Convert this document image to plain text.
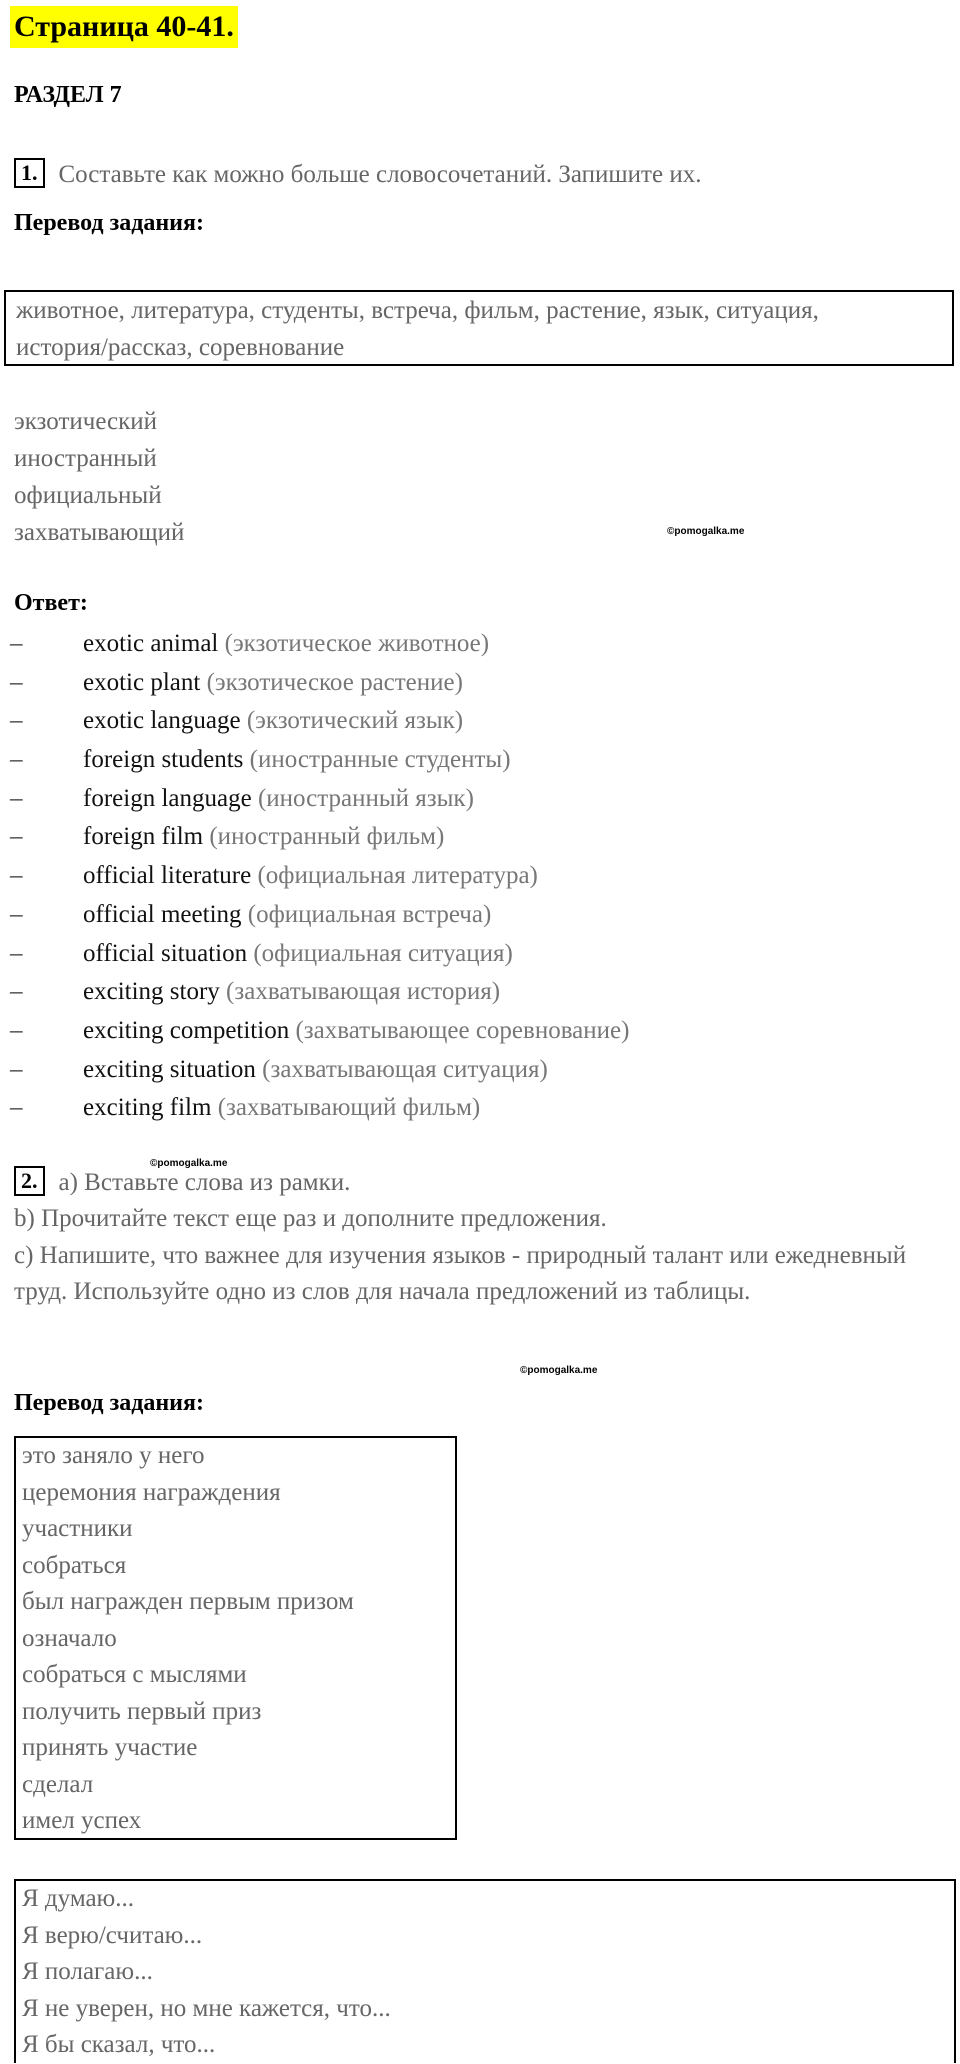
Страница 40-41.
РАЗДЕЛ 7
1. Составьте как можно больше словосочетаний. Запишите их.
Перевод задания:
животное, литература, студенты, встреча, фильм, растение, язык, ситуация,
история/рассказ, соревнование
экзотический
иностранный
официальный
захватывающий	©pomogalka.me
Ответ:
– exotic animal (экзотическое животное)
– exotic plant (экзотическое растение)
– exotic language (экзотический язык)
– foreign students (иностранные студенты)
– foreign language (иностранный язык)
– foreign film (иностранный фильм)
– official literature (официальная литература)
– official meeting (официальная встреча)
– official situation (официальная ситуация)
– exciting story (захватывающая история)
– exciting competition (захватывающее соревнование)
– exciting situation (захватывающая ситуация)
– exciting film (захватывающий фильм)
©pomogalka.me
2. a) Вставьте слова из рамки.

b) Прочитайте текст еще раз и дополните предложения.

c) Напишите, что важнее для изучения языков - природный талант или ежедневный труд. Используйте одно из слов для начала предложений из таблицы.

©pomogalka.me
Перевод задания:
это заняло у него
церемония награждения
участники
собраться
был награжден первым призом
означало
собраться с мыслями
получить первый приз
принять участие
сделал
имел успех
Я думаю...
Я верю/считаю...
Я полагаю...
Я не уверен, но мне кажется, что...
Я бы сказал, что...
